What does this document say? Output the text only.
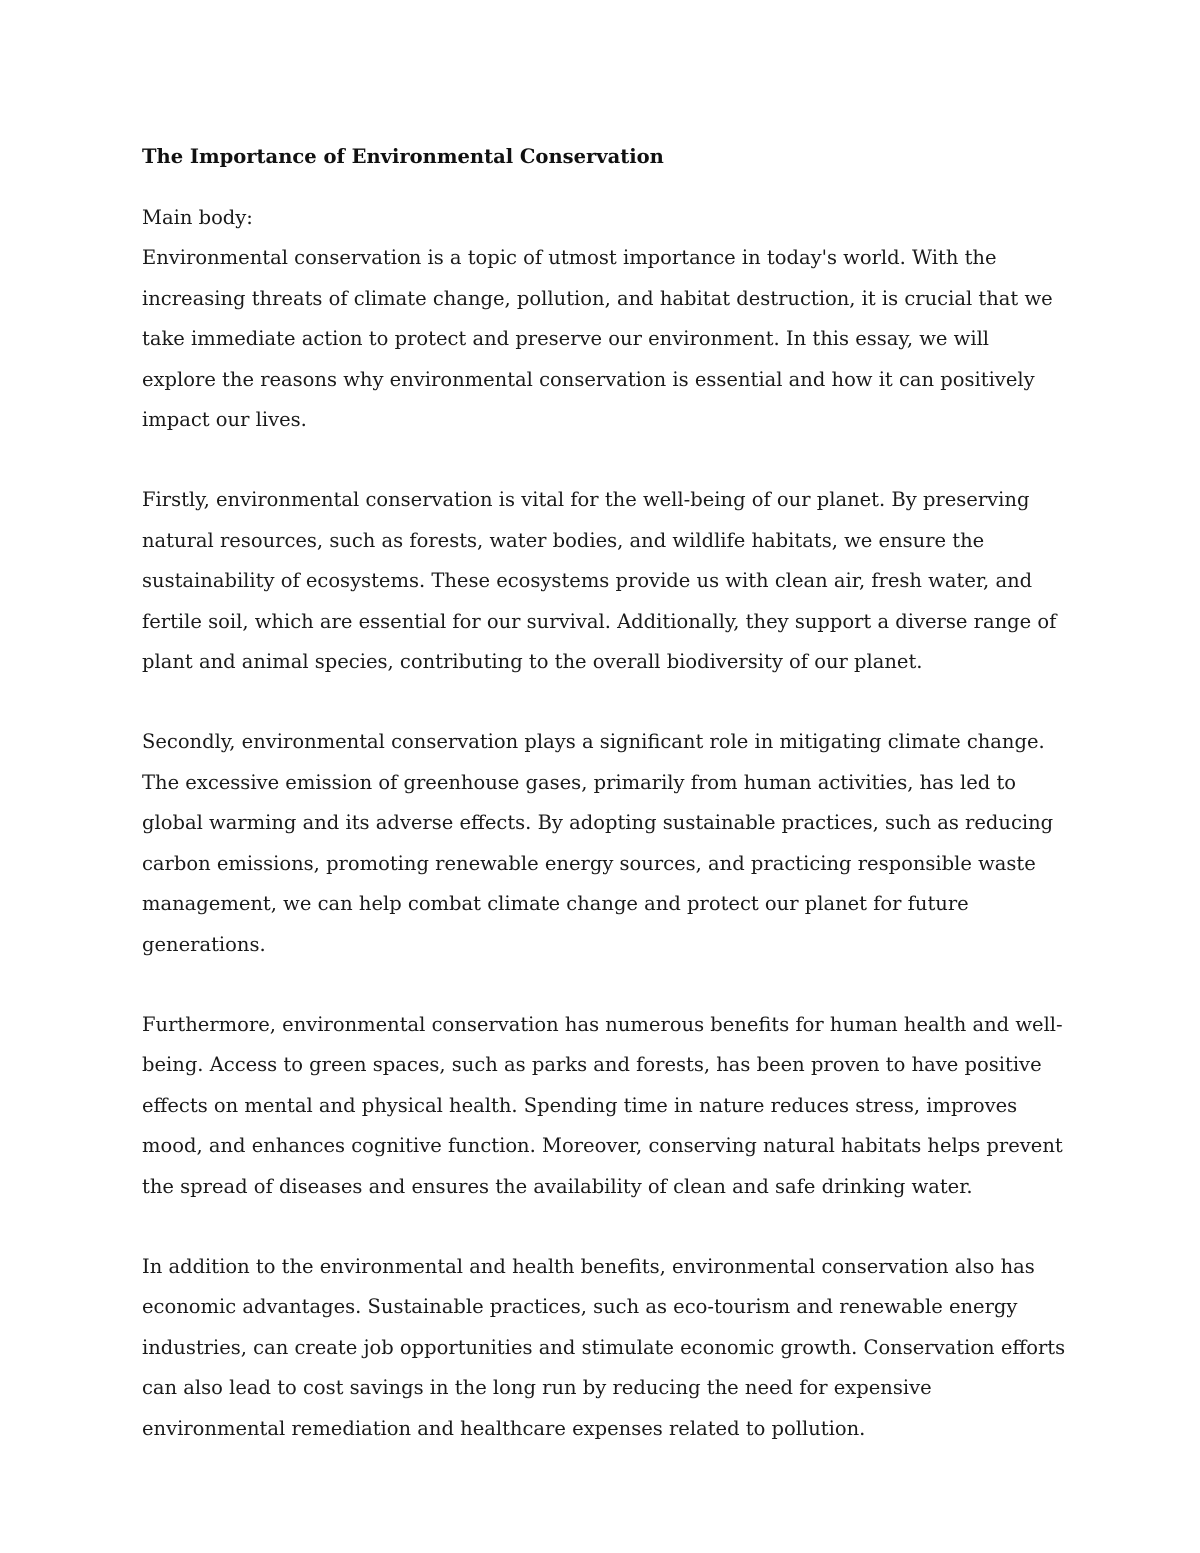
The Importance of Environmental Conservation

Main body:

Environmental conservation is a topic of utmost importance in today's world. With the increasing threats of climate change, pollution, and habitat destruction, it is crucial that we take immediate action to protect and preserve our environment. In this essay, we will explore the reasons why environmental conservation is essential and how it can positively impact our lives.

Firstly, environmental conservation is vital for the well-being of our planet. By preserving natural resources, such as forests, water bodies, and wildlife habitats, we ensure the sustainability of ecosystems. These ecosystems provide us with clean air, fresh water, and fertile soil, which are essential for our survival. Additionally, they support a diverse range of plant and animal species, contributing to the overall biodiversity of our planet.

Secondly, environmental conservation plays a significant role in mitigating climate change. The excessive emission of greenhouse gases, primarily from human activities, has led to global warming and its adverse effects. By adopting sustainable practices, such as reducing carbon emissions, promoting renewable energy sources, and practicing responsible waste management, we can help combat climate change and protect our planet for future generations.

Furthermore, environmental conservation has numerous benefits for human health and well-being. Access to green spaces, such as parks and forests, has been proven to have positive effects on mental and physical health. Spending time in nature reduces stress, improves mood, and enhances cognitive function. Moreover, conserving natural habitats helps prevent the spread of diseases and ensures the availability of clean and safe drinking water.

In addition to the environmental and health benefits, environmental conservation also has economic advantages. Sustainable practices, such as eco-tourism and renewable energy industries, can create job opportunities and stimulate economic growth. Conservation efforts can also lead to cost savings in the long run by reducing the need for expensive environmental remediation and healthcare expenses related to pollution.
